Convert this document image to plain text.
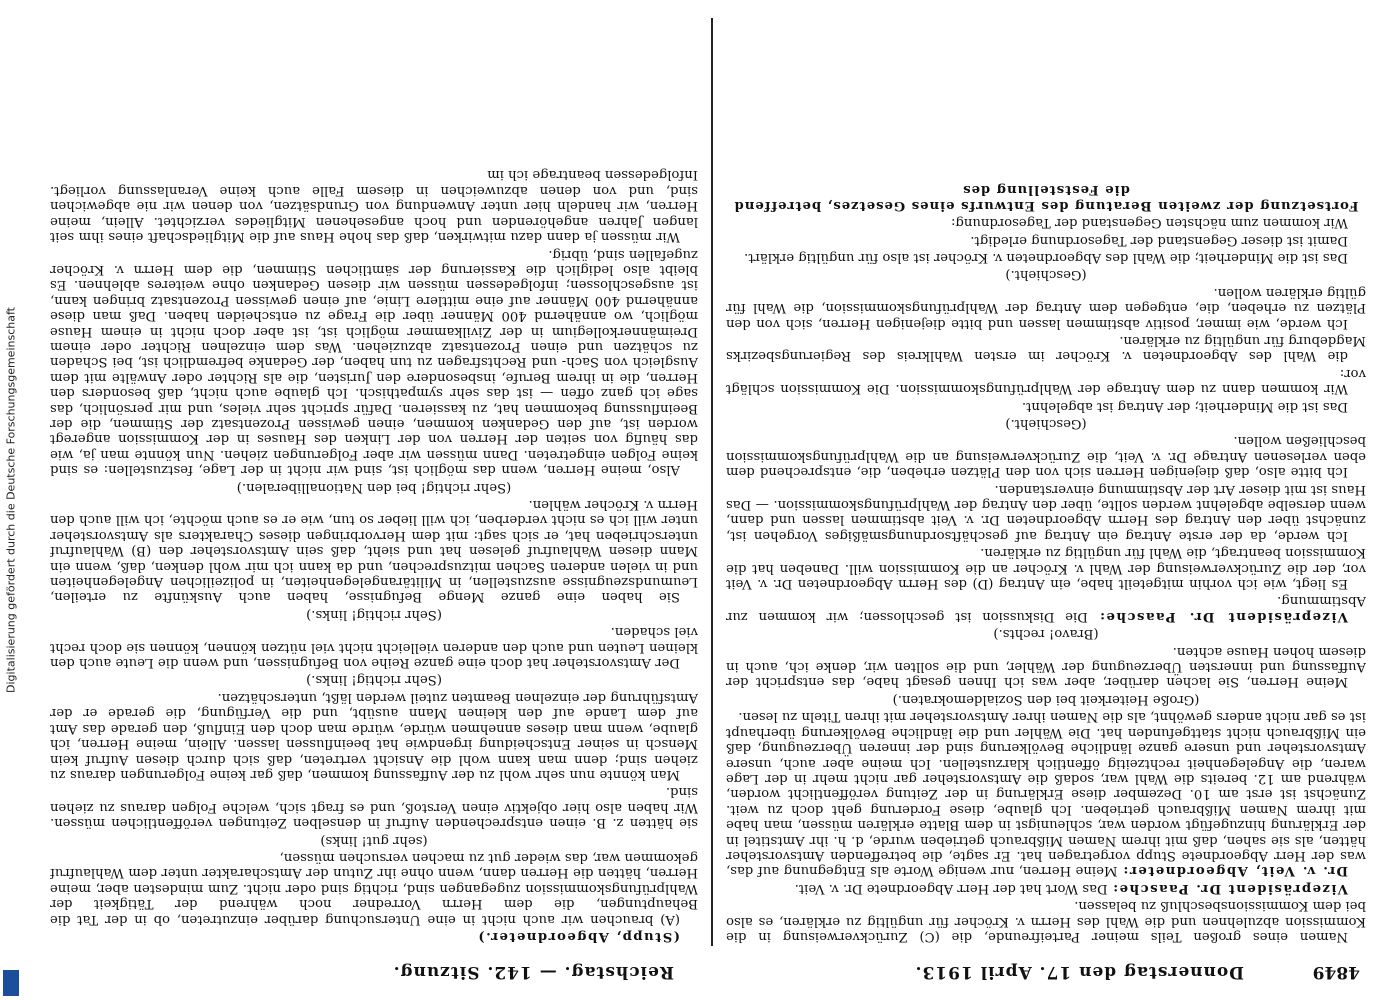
Digitalisierung gefördert durch die Deutsche Forschungsgemeinschaft
4849
Donnerstag den 17. April 1913.
Reichstag. — 142. Sitzung.

Namen eines großen Teils meiner Parteifreunde, die (C) Zurückverweisung in die Kommission abzulehnen und die Wahl des Herrn v. Kröcher für ungültig zu erklären, es also bei dem Kommissionsbeschluß zu belassen.

Vizepräsident Dr. Paasche: Das Wort hat der Herr Abgeordnete Dr. v. Veit.

Dr. v. Veit, Abgeordneter: Meine Herren, nur wenige Worte als Entgegnung auf das, was der Herr Abgeordnete Stupp vorgetragen hat. Er sagte, die betreffenden Amtsvorsteher hätten, als sie sahen, daß mit ihrem Namen Mißbrauch getrieben wurde, d. h. ihr Amtstitel in der Erklärung hinzugefügt worden war, schleunigst in dem Blatte erklären müssen, man habe mit ihrem Namen Mißbrauch getrieben. Ich glaube, diese Forderung geht doch zu weit. Zunächst ist erst am 10. Dezember diese Erklärung in der Zeitung veröffentlicht worden, während am 12. bereits die Wahl war, sodaß die Amtsvorsteher gar nicht mehr in der Lage waren, die Angelegenheit rechtzeitig öffentlich klarzustellen. Ich meine aber auch, unsere Amtsvorsteher und unsere ganze ländliche Bevölkerung sind der inneren Überzeugung, daß ein Mißbrauch nicht stattgefunden hat. Die Wähler und die ländliche Bevölkerung überhaupt ist es gar nicht anders gewöhnt, als die Namen ihrer Amtsvorsteher mit ihren Titeln zu lesen.

(Große Heiterkeit bei den Sozialdemokraten.)

Meine Herren, Sie lachen darüber, aber was ich Ihnen gesagt habe, das entspricht der Auffassung und innersten Überzeugung der Wähler, und die sollten wir, denke ich, auch in diesem hohen Hause achten.

(Bravo! rechts.)

Vizepräsident Dr. Paasche: Die Diskussion ist geschlossen; wir kommen zur Abstimmung.

Es liegt, wie ich vorhin mitgeteilt habe, ein Antrag (D) des Herrn Abgeordneten Dr. v. Veit vor, der die Zurückverweisung der Wahl v. Kröcher an die Kommission will. Daneben hat die Kommission beantragt, die Wahl für ungültig zu erklären.

Ich werde, da der erste Antrag ein Antrag auf geschäftsordnungsmäßiges Vorgehen ist, zunächst über den Antrag des Herrn Abgeordneten Dr. v. Veit abstimmen lassen und dann, wenn derselbe abgelehnt werden sollte, über den Antrag der Wahlprüfungskommission. — Das Haus ist mit dieser Art der Abstimmung einverstanden.

Ich bitte also, daß diejenigen Herren sich von den Plätzen erheben, die, entsprechend dem eben verlesenen Antrage Dr. v. Veit, die Zurückverweisung an die Wahlprüfungskommission beschließen wollen.

(Geschieht.)

Das ist die Minderheit; der Antrag ist abgelehnt.

Wir kommen dann zu dem Antrage der Wahlprüfungskommission. Die Kommission schlägt vor:

die Wahl des Abgeordneten v. Kröcher im ersten Wahlkreis des Regierungsbezirks Magdeburg für ungültig zu erklären.

Ich werde, wie immer, positiv abstimmen lassen und bitte diejenigen Herren, sich von den Plätzen zu erheben, die, entgegen dem Antrag der Wahlprüfungskommission, die Wahl für gültig erklären wollen.

(Geschieht.)

Das ist die Minderheit; die Wahl des Abgeordneten v. Kröcher ist also für ungültig erklärt.

Damit ist dieser Gegenstand der Tagesordnung erledigt.

Wir kommen zum nächsten Gegenstand der Tagesordnung:

Fortsetzung der zweiten Beratung des Entwurfs eines Gesetzes, betreffend die Feststellung des

(Stupp, Abgeordneter.)

(A) brauchen wir auch nicht in eine Untersuchung darüber einzutreten, ob in der Tat die Behauptungen, die dem Herrn Vorredner noch während der Tätigkeit der Wahlprüfungskommission zugegangen sind, richtig sind oder nicht. Zum mindesten aber, meine Herren, hätten die Herren dann, wenn ohne ihr Zutun der Amtscharakter unter dem Wahlaufruf gekommen war, das wieder gut zu machen versuchen müssen,

(sehr gut! links)

sie hätten z. B. einen entsprechenden Aufruf in denselben Zeitungen veröffentlichen müssen. Wir haben also hier objektiv einen Verstoß, und es fragt sich, welche Folgen daraus zu ziehen sind.

Man könnte nun sehr wohl zu der Auffassung kommen, daß gar keine Folgerungen daraus zu ziehen sind; denn man kann wohl die Ansicht vertreten, daß sich durch diesen Aufruf kein Mensch in seiner Entscheidung irgendwie hat beeinflussen lassen. Allein, meine Herren, ich glaube, wenn man dieses annehmen würde, würde man doch den Einfluß, den gerade das Amt auf dem Lande auf den kleinen Mann ausübt, und die Verfügung, die gerade er der Amtsführung der einzelnen Beamten zuteil werden läßt, unterschätzen.

(Sehr richtig! links.)

Der Amtsvorsteher hat doch eine ganze Reihe von Befugnissen, und wenn die Leute auch den kleinen Leuten und auch den anderen vielleicht nicht viel nützen können, können sie doch recht viel schaden.

(Sehr richtig! links.)

Sie haben eine ganze Menge Befugnisse, haben auch Auskünfte zu erteilen, Leumundszeugnisse auszustellen, in Militärangelegenheiten, in polizeilichen Angelegenheiten und in vielen anderen Sachen mitzusprechen, und da kann ich mir wohl denken, daß, wenn ein Mann diesen Wahlaufruf gelesen hat und sieht, daß sein Amtsvorsteher den (B) Wahlaufruf unterschrieben hat, er sich sagt: mit dem Hervorbringen dieses Charakters als Amtsvorsteher unter will ich es nicht verderben, ich will lieber so tun, wie er es auch möchte, ich will auch den Herrn v. Kröcher wählen.

(Sehr richtig! bei den Nationalliberalen.)

Also, meine Herren, wenn das möglich ist, sind wir nicht in der Lage, festzustellen: es sind keine Folgen eingetreten. Dann müssen wir aber Folgerungen ziehen. Nun könnte man ja, wie das häufig von seiten der Herren von der Linken des Hauses in der Kommission angeregt worden ist, auf den Gedanken kommen, einen gewissen Prozentsatz der Stimmen, die der Beeinflussung bekommen hat, zu kassieren. Dafür spricht sehr vieles, und mir persönlich, das sage ich ganz offen — ist das sehr sympathisch. Ich glaube auch nicht, daß besonders den Herren, die in ihrem Berufe, insbesondere den Juristen, die als Richter oder Anwälte mit dem Ausgleich von Sach- und Rechtsfragen zu tun haben, der Gedanke befremdlich ist, bei Schaden zu schätzen und einen Prozentsatz abzuziehen. Was dem einzelnen Richter oder einem Dreimännerkollegium in der Zivilkammer möglich ist, ist aber doch nicht in einem Hause möglich, wo annähernd 400 Männer über die Frage zu entscheiden haben. Daß man diese annähernd 400 Männer auf eine mittlere Linie, auf einen gewissen Prozentsatz bringen kann, ist ausgeschlossen; infolgedessen müssen wir diesen Gedanken ohne weiteres ablehnen. Es bleibt also lediglich die Kassierung der sämtlichen Stimmen, die dem Herrn v. Kröcher zugefallen sind, übrig.

Wir müssen ja dann dazu mitwirken, daß das hohe Haus auf die Mitgliedschaft eines ihm seit langen Jahren angehörenden und hoch angesehenen Mitgliedes verzichtet. Allein, meine Herren, wir handeln hier unter Anwendung von Grundsätzen, von denen wir nie abgewichen sind, und von denen abzuweichen in diesem Falle auch keine Veranlassung vorliegt. Infolgedessen beantrage ich im
